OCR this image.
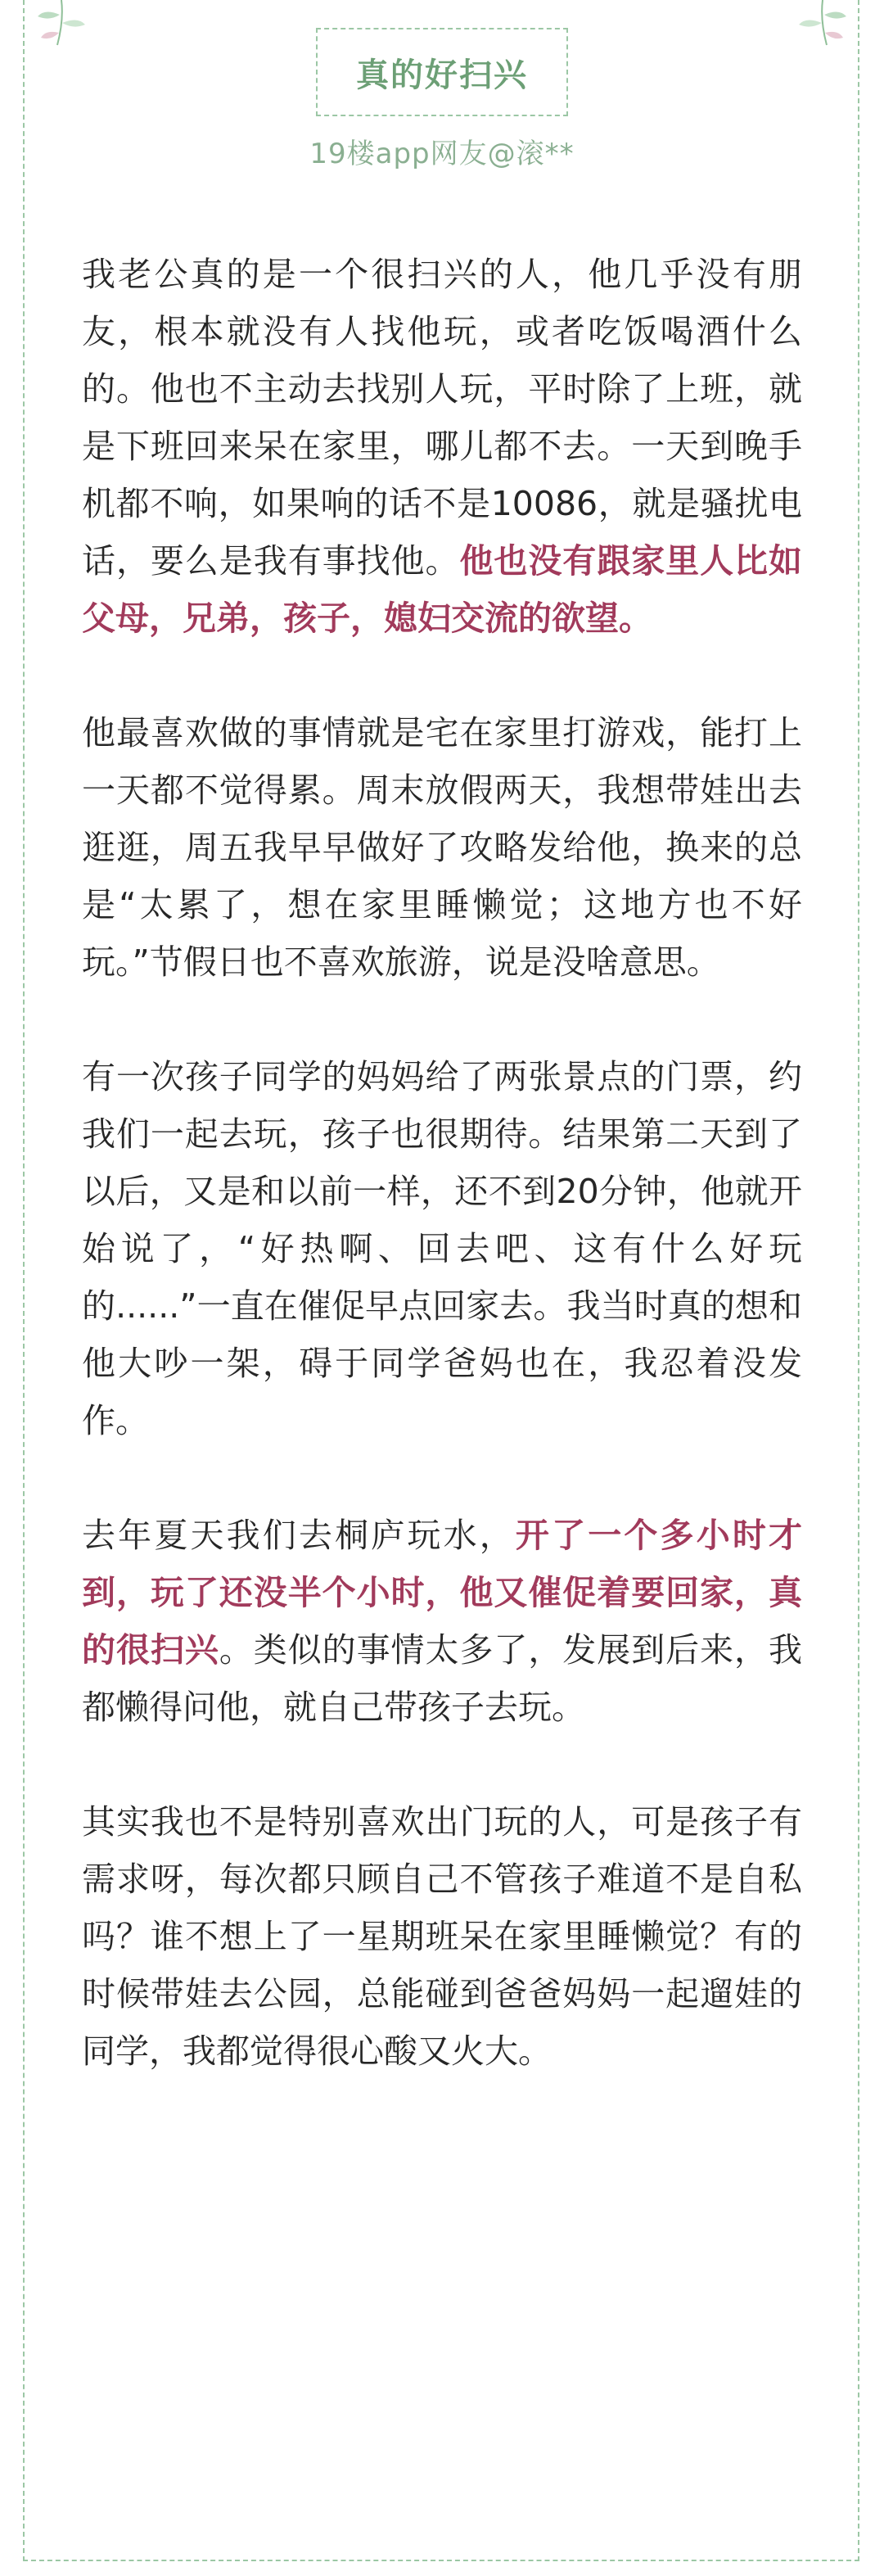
真的好扫兴
19楼app网友@滚**

我老公真的是一个很扫兴的人，他几乎没有朋友，根本就没有人找他玩，或者吃饭喝酒什么的。他也不主动去找别人玩，平时除了上班，就是下班回来呆在家里，哪儿都不去。一天到晚手机都不响，如果响的话不是10086，就是骚扰电话，要么是我有事找他。他也没有跟家里人比如父母，兄弟，孩子，媳妇交流的欲望。

他最喜欢做的事情就是宅在家里打游戏，能打上一天都不觉得累。周末放假两天，我想带娃出去逛逛，周五我早早做好了攻略发给他，换来的总是“太累了，想在家里睡懒觉；这地方也不好玩。”节假日也不喜欢旅游，说是没啥意思。

有一次孩子同学的妈妈给了两张景点的门票，约我们一起去玩，孩子也很期待。结果第二天到了以后，又是和以前一样，还不到20分钟，他就开始说了，“好热啊、回去吧、这有什么好玩的......”一直在催促早点回家去。我当时真的想和他大吵一架，碍于同学爸妈也在，我忍着没发作。

去年夏天我们去桐庐玩水，开了一个多小时才到，玩了还没半个小时，他又催促着要回家，真的很扫兴。类似的事情太多了，发展到后来，我都懒得问他，就自己带孩子去玩。

其实我也不是特别喜欢出门玩的人，可是孩子有需求呀，每次都只顾自己不管孩子难道不是自私吗？谁不想上了一星期班呆在家里睡懒觉？有的时候带娃去公园，总能碰到爸爸妈妈一起遛娃的同学，我都觉得很心酸又火大。
